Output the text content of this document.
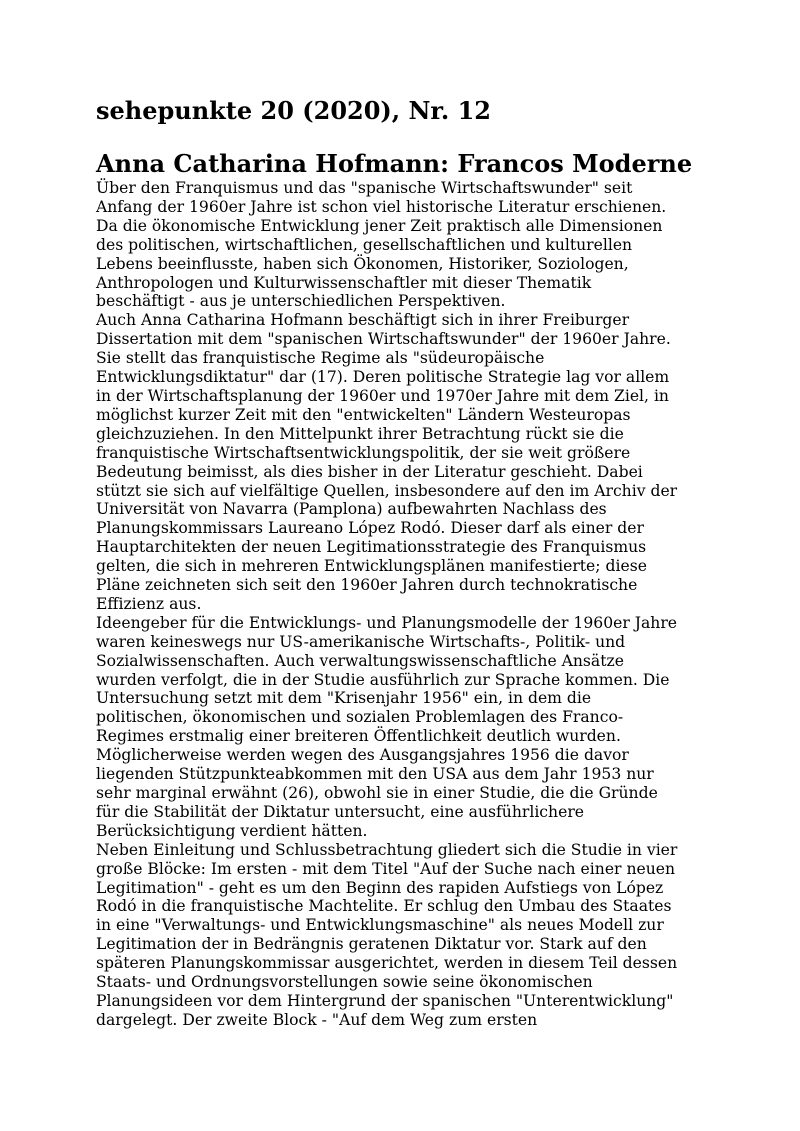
sehepunkte 20 (2020), Nr. 12
Anna Catharina Hofmann: Francos Moderne

Über den Franquismus und das "spanische Wirtschaftswunder" seit
Anfang der 1960er Jahre ist schon viel historische Literatur erschienen.
Da die ökonomische Entwicklung jener Zeit praktisch alle Dimensionen
des politischen, wirtschaftlichen, gesellschaftlichen und kulturellen
Lebens beeinflusste, haben sich Ökonomen, Historiker, Soziologen,
Anthropologen und Kulturwissenschaftler mit dieser Thematik
beschäftigt - aus je unterschiedlichen Perspektiven.

Auch Anna Catharina Hofmann beschäftigt sich in ihrer Freiburger
Dissertation mit dem "spanischen Wirtschaftswunder" der 1960er Jahre.
Sie stellt das franquistische Regime als "südeuropäische
Entwicklungsdiktatur" dar (17). Deren politische Strategie lag vor allem
in der Wirtschaftsplanung der 1960er und 1970er Jahre mit dem Ziel, in
möglichst kurzer Zeit mit den "entwickelten" Ländern Westeuropas
gleichzuziehen. In den Mittelpunkt ihrer Betrachtung rückt sie die
franquistische Wirtschaftsentwicklungspolitik, der sie weit größere
Bedeutung beimisst, als dies bisher in der Literatur geschieht. Dabei
stützt sie sich auf vielfältige Quellen, insbesondere auf den im Archiv der
Universität von Navarra (Pamplona) aufbewahrten Nachlass des
Planungskommissars Laureano López Rodó. Dieser darf als einer der
Hauptarchitekten der neuen Legitimationsstrategie des Franquismus
gelten, die sich in mehreren Entwicklungsplänen manifestierte; diese
Pläne zeichneten sich seit den 1960er Jahren durch technokratische
Effizienz aus.

Ideengeber für die Entwicklungs- und Planungsmodelle der 1960er Jahre
waren keineswegs nur US-amerikanische Wirtschafts-, Politik- und
Sozialwissenschaften. Auch verwaltungswissenschaftliche Ansätze
wurden verfolgt, die in der Studie ausführlich zur Sprache kommen. Die
Untersuchung setzt mit dem "Krisenjahr 1956" ein, in dem die
politischen, ökonomischen und sozialen Problemlagen des Franco-
Regimes erstmalig einer breiteren Öffentlichkeit deutlich wurden.
Möglicherweise werden wegen des Ausgangsjahres 1956 die davor
liegenden Stützpunkteabkommen mit den USA aus dem Jahr 1953 nur
sehr marginal erwähnt (26), obwohl sie in einer Studie, die die Gründe
für die Stabilität der Diktatur untersucht, eine ausführlichere
Berücksichtigung verdient hätten.

Neben Einleitung und Schlussbetrachtung gliedert sich die Studie in vier
große Blöcke: Im ersten - mit dem Titel "Auf der Suche nach einer neuen
Legitimation" - geht es um den Beginn des rapiden Aufstiegs von López
Rodó in die franquistische Machtelite. Er schlug den Umbau des Staates
in eine "Verwaltungs- und Entwicklungsmaschine" als neues Modell zur
Legitimation der in Bedrängnis geratenen Diktatur vor. Stark auf den
späteren Planungskommissar ausgerichtet, werden in diesem Teil dessen
Staats- und Ordnungsvorstellungen sowie seine ökonomischen
Planungsideen vor dem Hintergrund der spanischen "Unterentwicklung"
dargelegt. Der zweite Block - "Auf dem Weg zum ersten
